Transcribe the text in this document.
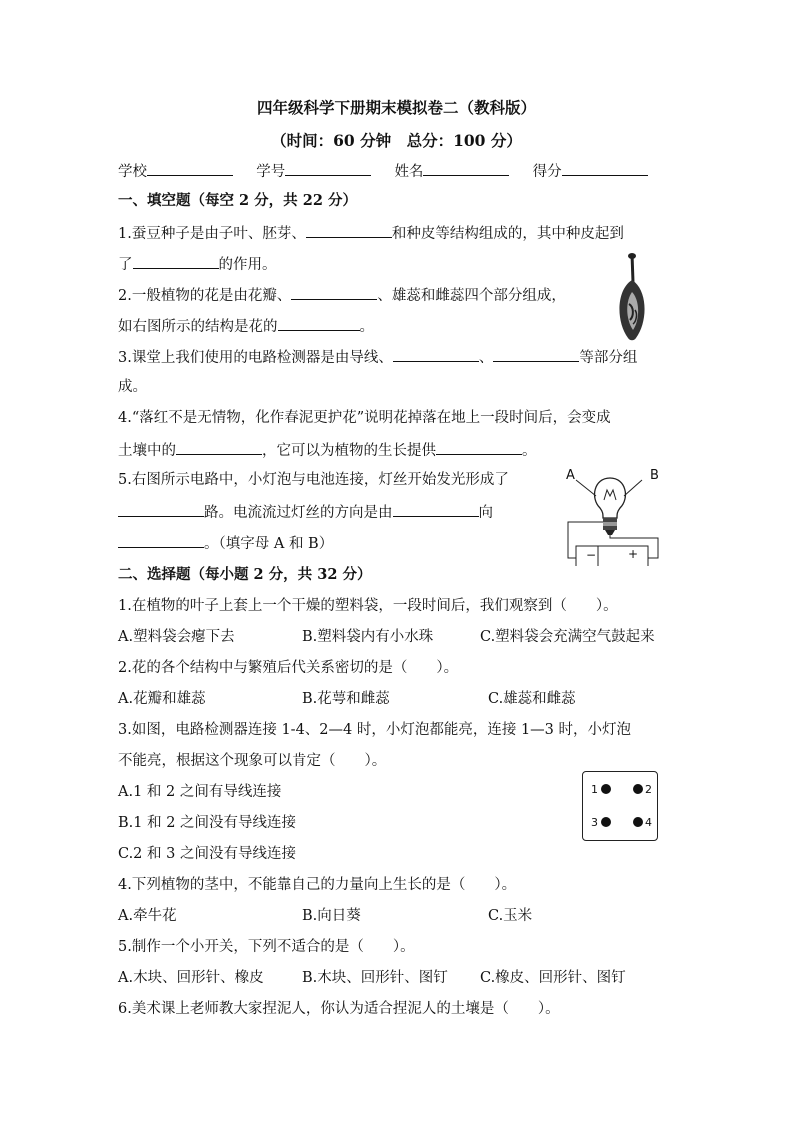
四年级科学下册期末模拟卷二（教科版）
（时间：60 分钟　总分：100 分）
学校	学号	姓名	得分
一、填空题（每空 2 分，共 22 分）
1.蚕豆种子是由子叶、胚芽、	和种皮等结构组成的，其中种皮起到
了	的作用。
2.一般植物的花是由花瓣、	、雄蕊和雌蕊四个部分组成，
如右图所示的结构是花的	。
3.课堂上我们使用的电路检测器是由导线、	、	等部分组
成。
4.“落红不是无情物，化作春泥更护花”说明花掉落在地上一段时间后，会变成
土壤中的	，它可以为植物的生长提供	。
5.右图所示电路中，小灯泡与电池连接，灯丝开始发光形成了
路。电流流过灯丝的方向是由	向
。（填字母 A 和 B）
A	B
−	+
二、选择题（每小题 2 分，共 32 分）
1.在植物的叶子上套上一个干燥的塑料袋，一段时间后，我们观察到（　　）。
A.塑料袋会瘪下去	B.塑料袋内有小水珠	C.塑料袋会充满空气鼓起来
2.花的各个结构中与繁殖后代关系密切的是（　　）。
A.花瓣和雄蕊	B.花萼和雌蕊	C.雄蕊和雌蕊
3.如图，电路检测器连接 1-4、2—4 时，小灯泡都能亮，连接 1—3 时，小灯泡
不能亮，根据这个现象可以肯定（　　）。
A.1 和 2 之间有导线连接
B.1 和 2 之间没有导线连接
C.2 和 3 之间没有导线连接
1	2
3	4
4.下列植物的茎中，不能靠自己的力量向上生长的是（　　）。
A.牵牛花	B.向日葵	C.玉米
5.制作一个小开关，下列不适合的是（　　）。
A.木块、回形针、橡皮	B.木块、回形针、图钉 C.橡皮、回形针、图钉
6.美术课上老师教大家捏泥人，你认为适合捏泥人的土壤是（　　）。
